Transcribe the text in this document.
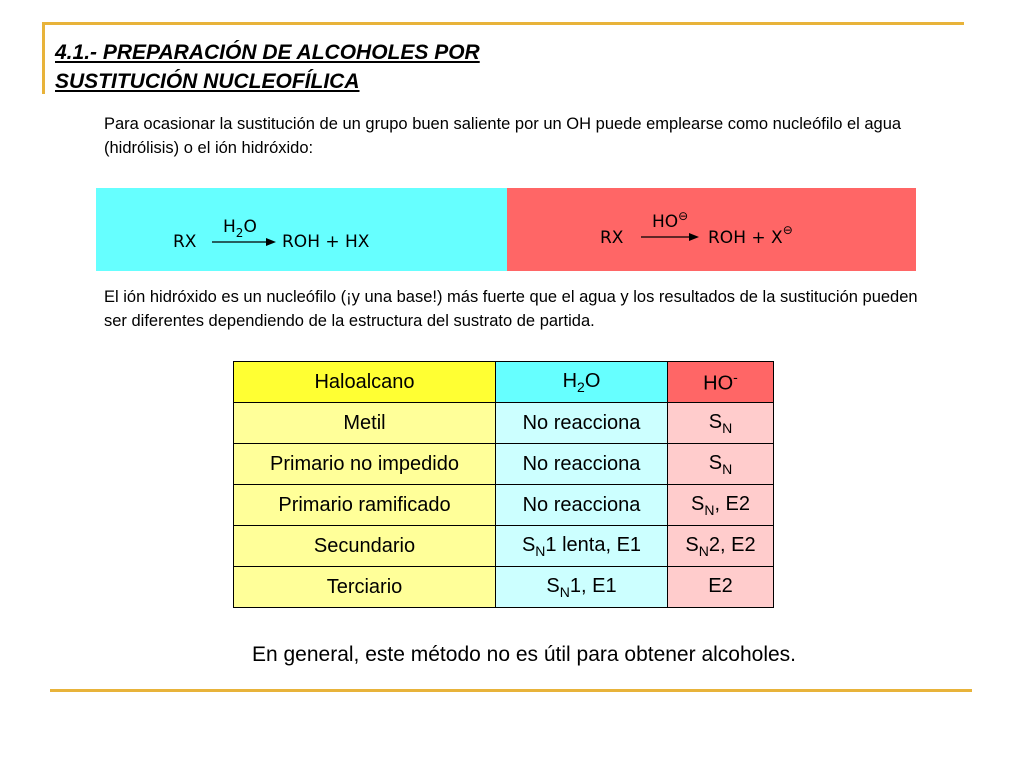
4.1.- PREPARACIÓN DE ALCOHOLES POR
SUSTITUCIÓN NUCLEOFÍLICA

Para ocasionar la sustitución de un grupo buen saliente por un OH puede emplearse como nucleófilo el agua (hidrólisis) o el ión hidróxido:

RX
$H_2O$
ROH + HX	RX
HO⊖
ROH + X⊖

El ión hidróxido es un nucleófilo (¡y una base!) más fuerte que el agua y los resultados de la sustitución pueden ser diferentes dependiendo de la estructura del sustrato de partida.

Haloalcano	$H_2O$	HO-
Metil	No reacciona	$S_N$
Primario no impedido	No reacciona	$S_N$
Primario ramificado	No reacciona	$S_N$, E2
Secundario	$S_N1$ lenta, E1	$S_N2$, E2
Terciario	$S_N1$, E1	E2
En general, este método no es útil para obtener alcoholes.
